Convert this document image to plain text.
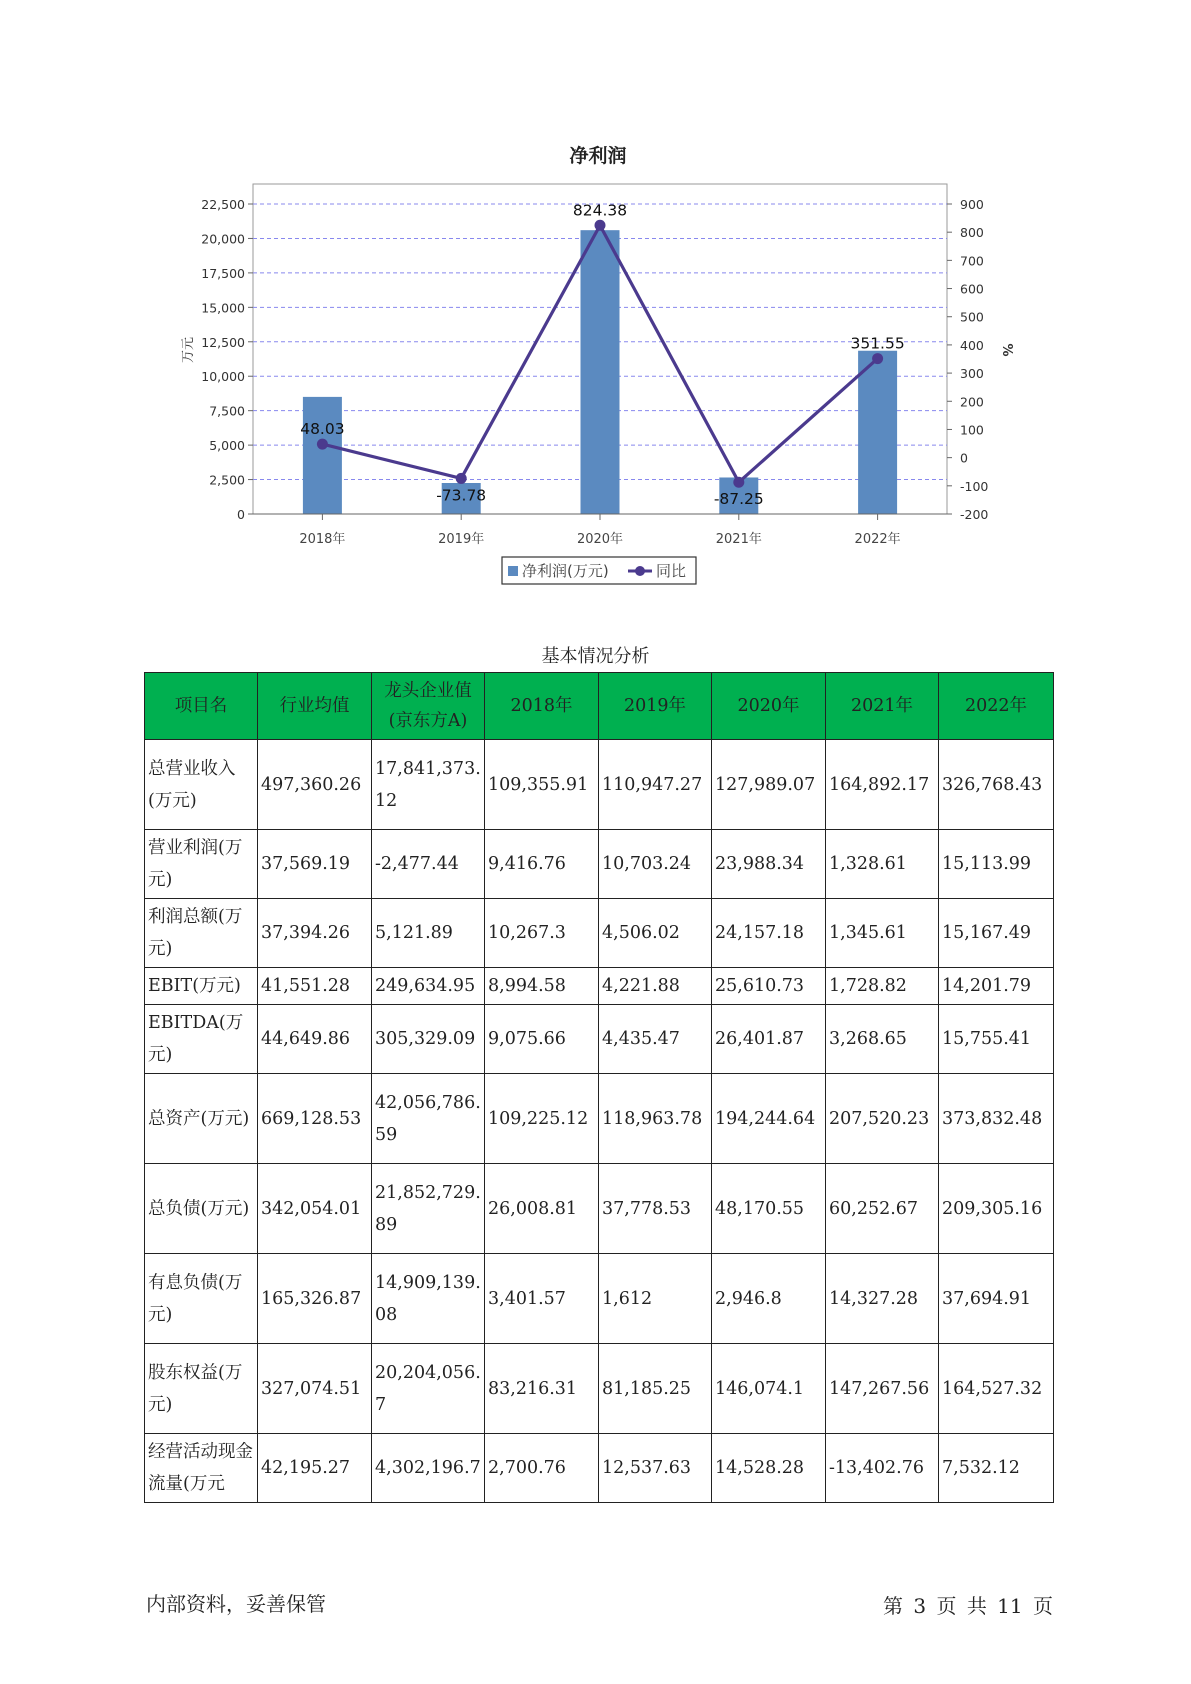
净利润
0
2,500
5,000
7,500
10,000
12,500
15,000
17,500
20,000
22,500
-200
-100
0
100
200
300
400
500
600
700
800
900
48.03
-73.78
824.38
-87.25
351.55
2018年	2019年	2020年	2021年	2022年
万元	%
净利润(万元)	同比
基本情况分析
项目名	行业均值	龙头企业值(京东方A)	2018年	2019年	2020年	2021年	2022年
总营业收入(万元)	497,360.26	17,841,373.12	109,355.91	110,947.27	127,989.07	164,892.17	326,768.43
营业利润(万元)	37,569.19	-2,477.44	9,416.76	10,703.24	23,988.34	1,328.61	15,113.99
利润总额(万元)	37,394.26	5,121.89	10,267.3	4,506.02	24,157.18	1,345.61	15,167.49
EBIT(万元)	41,551.28	249,634.95	8,994.58	4,221.88	25,610.73	1,728.82	14,201.79
EBITDA(万元)	44,649.86	305,329.09	9,075.66	4,435.47	26,401.87	3,268.65	15,755.41
总资产(万元)	669,128.53	42,056,786.59	109,225.12	118,963.78	194,244.64	207,520.23	373,832.48
总负债(万元)	342,054.01	21,852,729.89	26,008.81	37,778.53	48,170.55	60,252.67	209,305.16
有息负债(万元)	165,326.87	14,909,139.08	3,401.57	1,612	2,946.8	14,327.28	37,694.91
股东权益(万元)	327,074.51	20,204,056.7	83,216.31	81,185.25	146,074.1	147,267.56	164,527.32
经营活动现金流量(万元	42,195.27	4,302,196.7	2,700.76	12,537.63	14,528.28	-13,402.76	7,532.12
内部资料，妥善保管	第 3 页 共 11 页
